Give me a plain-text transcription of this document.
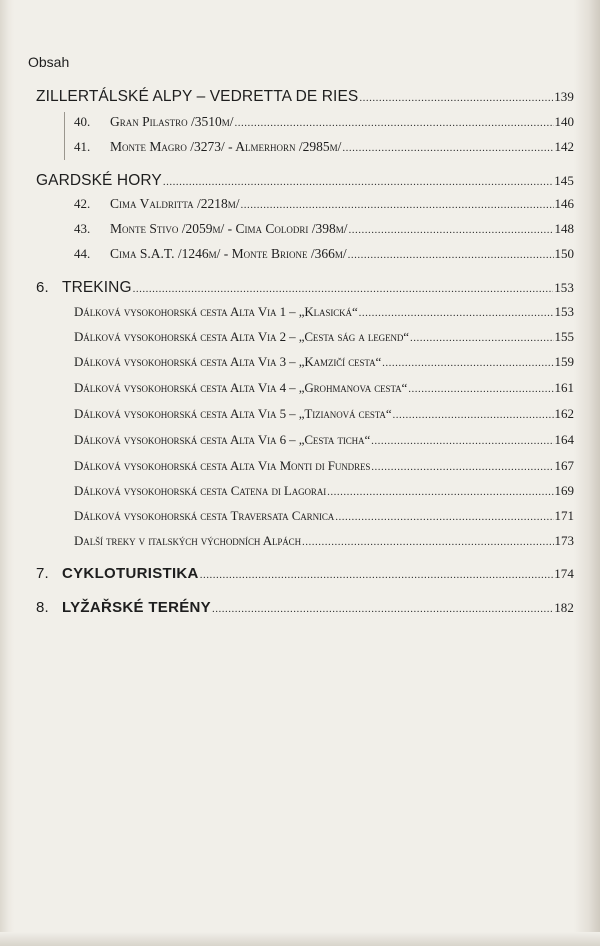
Obsah
ZILLERTÁLSKÉ ALPY – VEDRETTA DE RIES .....	139
40.	Gran Pilastro /3510m/ .....	140
41.	Monte Magro /3273/ - Almerhorn /2985m/ .....	142
GARDSKÉ HORY .....	145
42.	Cima Valdritta /2218m/ .....	146
43.	Monte Stivo /2059m/ - Cima Colodri /398m/ .....	148
44.	Cima S.A.T. /1246m/ - Monte Brione /366m/ .....	150
6. TREKING .....	153
Dálková vysokohorská cesta Alta Via 1 – „Klasická“ .....	153
Dálková vysokohorská cesta Alta Via 2 – „Cesta ság a legend“ .....	155
Dálková vysokohorská cesta Alta Via 3 – „Kamzičí cesta“ .....	159
Dálková vysokohorská cesta Alta Via 4 – „Grohmanova cesta“ .....	161
Dálková vysokohorská cesta Alta Via 5 – „Tizianová cesta“ .....	162
Dálková vysokohorská cesta Alta Via 6 – „Cesta ticha“ .....	164
Dálková vysokohorská cesta Alta Via Monti di Fundres .....	167
Dálková vysokohorská cesta Catena di Lagorai .....	169
Dálková vysokohorská cesta Traversata Carnica .....	171
Další treky v italských východních Alpách .....	173
7. CYKLOTURISTIKA .....	174
8. LYŽAŘSKÉ TERÉNY .....	182
